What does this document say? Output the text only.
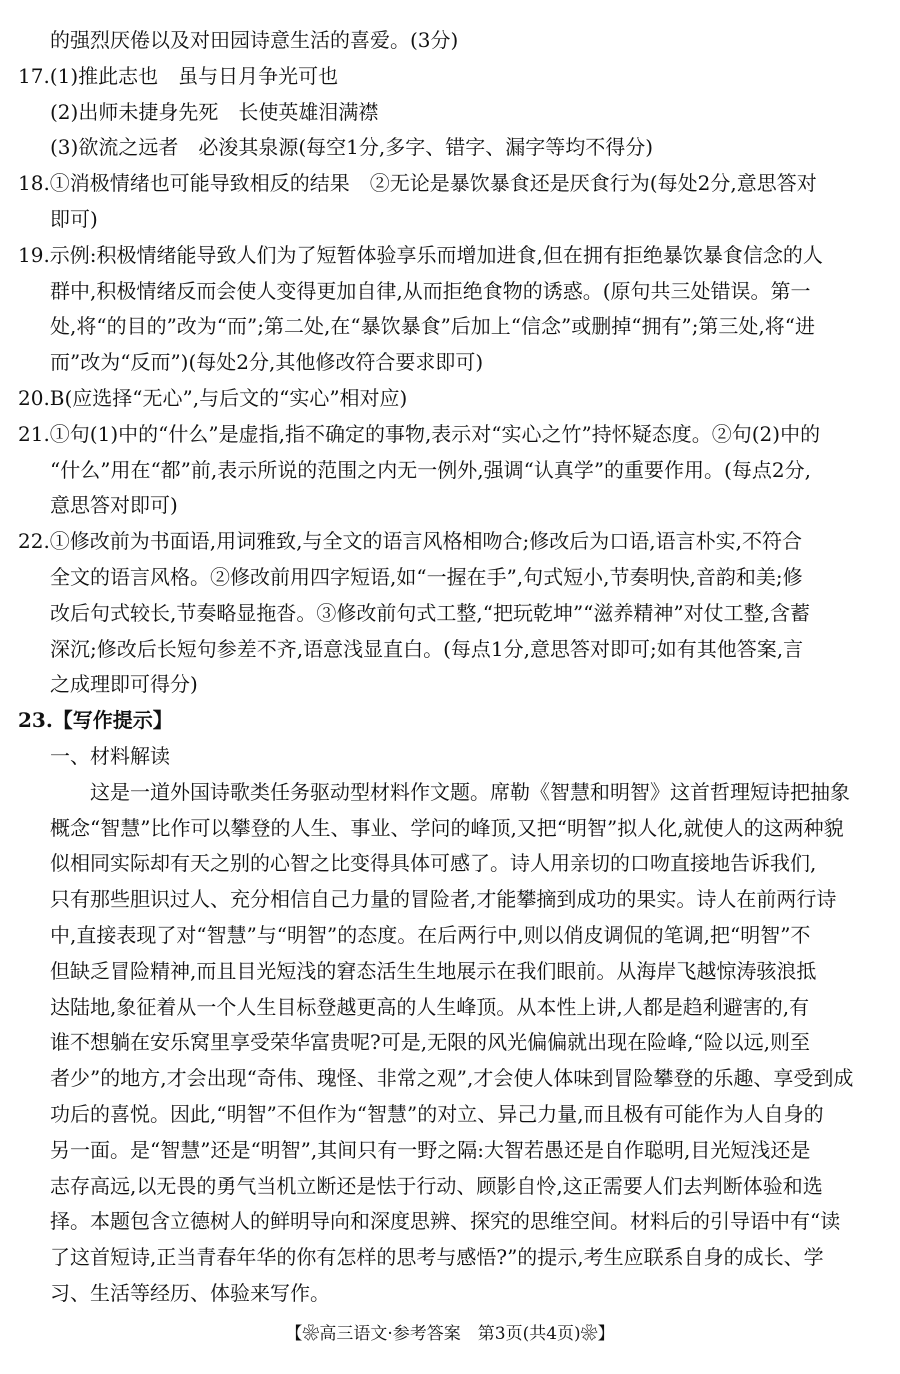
的强烈厌倦以及对田园诗意生活的喜爱。(3分)
17.(1)推此志也　虽与日月争光可也
(2)出师未捷身先死　长使英雄泪满襟
(3)欲流之远者　必浚其泉源(每空1分,多字、错字、漏字等均不得分)
18.①消极情绪也可能导致相反的结果　②无论是暴饮暴食还是厌食行为(每处2分,意思答对
即可)
19.示例:积极情绪能导致人们为了短暂体验享乐而增加进食,但在拥有拒绝暴饮暴食信念的人
群中,积极情绪反而会使人变得更加自律,从而拒绝食物的诱惑。(原句共三处错误。第一
处,将“的目的”改为“而”;第二处,在“暴饮暴食”后加上“信念”或删掉“拥有”;第三处,将“进
而”改为“反而”)(每处2分,其他修改符合要求即可)
20.B(应选择“无心”,与后文的“实心”相对应)
21.①句(1)中的“什么”是虚指,指不确定的事物,表示对“实心之竹”持怀疑态度。②句(2)中的
“什么”用在“都”前,表示所说的范围之内无一例外,强调“认真学”的重要作用。(每点2分,
意思答对即可)
22.①修改前为书面语,用词雅致,与全文的语言风格相吻合;修改后为口语,语言朴实,不符合
全文的语言风格。②修改前用四字短语,如“一握在手”,句式短小,节奏明快,音韵和美;修
改后句式较长,节奏略显拖沓。③修改前句式工整,“把玩乾坤”“滋养精神”对仗工整,含蓄
深沉;修改后长短句参差不齐,语意浅显直白。(每点1分,意思答对即可;如有其他答案,言
之成理即可得分)
23.【写作提示】
一、材料解读
这是一道外国诗歌类任务驱动型材料作文题。席勒《智慧和明智》这首哲理短诗把抽象
概念“智慧”比作可以攀登的人生、事业、学问的峰顶,又把“明智”拟人化,就使人的这两种貌
似相同实际却有天之别的心智之比变得具体可感了。诗人用亲切的口吻直接地告诉我们,
只有那些胆识过人、充分相信自己力量的冒险者,才能攀摘到成功的果实。诗人在前两行诗
中,直接表现了对“智慧”与“明智”的态度。在后两行中,则以俏皮调侃的笔调,把“明智”不
但缺乏冒险精神,而且目光短浅的窘态活生生地展示在我们眼前。从海岸飞越惊涛骇浪抵
达陆地,象征着从一个人生目标登越更高的人生峰顶。从本性上讲,人都是趋利避害的,有
谁不想躺在安乐窝里享受荣华富贵呢?可是,无限的风光偏偏就出现在险峰,“险以远,则至
者少”的地方,才会出现“奇伟、瑰怪、非常之观”,才会使人体味到冒险攀登的乐趣、享受到成
功后的喜悦。因此,“明智”不但作为“智慧”的对立、异己力量,而且极有可能作为人自身的
另一面。是“智慧”还是“明智”,其间只有一野之隔:大智若愚还是自作聪明,目光短浅还是
志存高远,以无畏的勇气当机立断还是怯于行动、顾影自怜,这正需要人们去判断体验和选
择。本题包含立德树人的鲜明导向和深度思辨、探究的思维空间。材料后的引导语中有“读
了这首短诗,正当青春年华的你有怎样的思考与感悟?”的提示,考生应联系自身的成长、学
习、生活等经历、体验来写作。
【❀高三语文·参考答案　第3页(共4页)❀】
